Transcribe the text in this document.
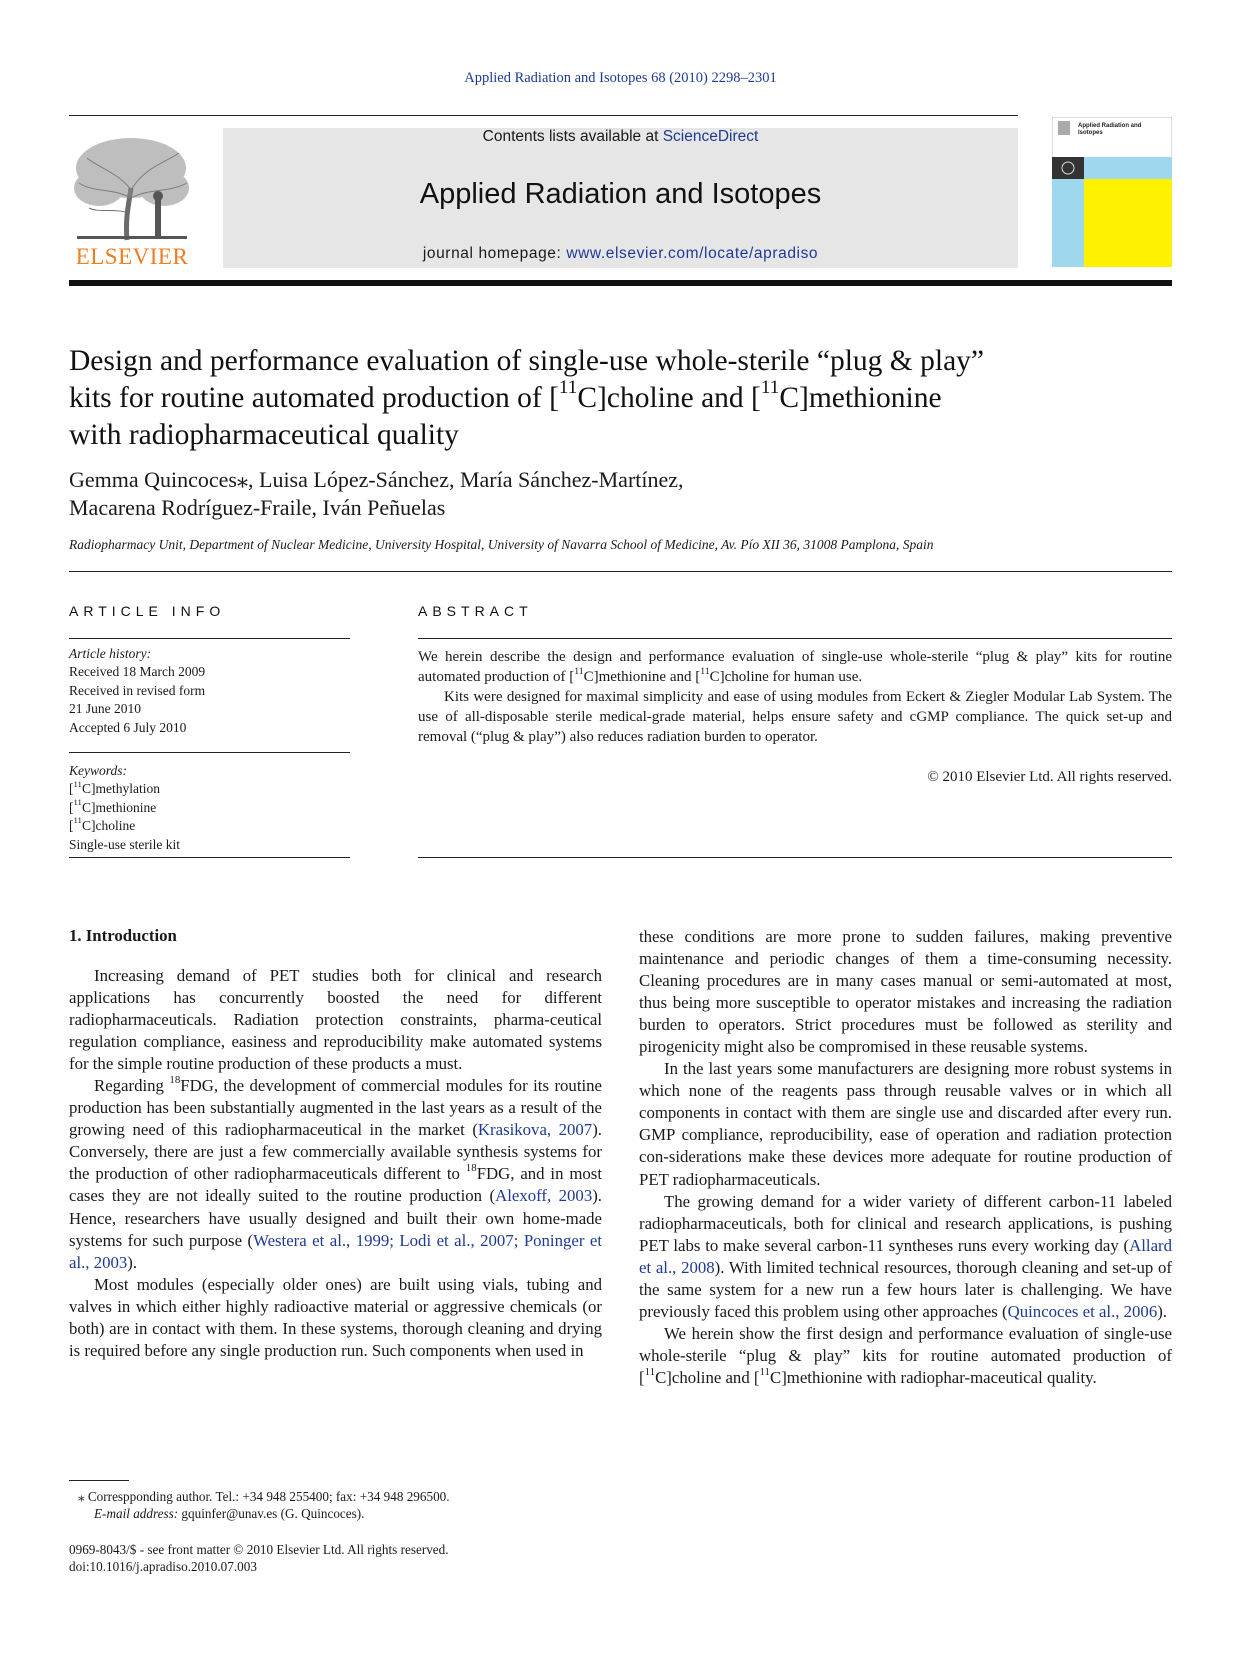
Applied Radiation and Isotopes 68 (2010) 2298–2301
ELSEVIER
Contents lists available at ScienceDirect
Applied Radiation and Isotopes
journal homepage: www.elsevier.com/locate/apradiso
Applied Radiation and
Isotopes
Design and performance evaluation of single-use whole-sterile “plug & play”
kits for routine automated production of [$^{11}$C]choline and [$^{11}$C]methionine
with radiopharmaceutical quality
Gemma Quincoces⁎, Luisa López-Sánchez, María Sánchez-Martínez,
Macarena Rodríguez-Fraile, Iván Peñuelas
Radiopharmacy Unit, Department of Nuclear Medicine, University Hospital, University of Navarra School of Medicine, Av. Pío XII 36, 31008 Pamplona, Spain
ARTICLE INFO
Article history:
Received 18 March 2009
Received in revised form
21 June 2010
Accepted 6 July 2010
Keywords:
[$^{11}$C]methylation
[$^{11}$C]methionine
[$^{11}$C]choline
Single-use sterile kit
ABSTRACT

We herein describe the design and performance evaluation of single-use whole-sterile “plug & play” kits for routine automated production of [$^{11}$C]methionine and [$^{11}$C]choline for human use.

Kits were designed for maximal simplicity and ease of using modules from Eckert & Ziegler Modular Lab System. The use of all-disposable sterile medical-grade material, helps ensure safety and cGMP compliance. The quick set-up and removal (“plug & play”) also reduces radiation burden to operator.

© 2010 Elsevier Ltd. All rights reserved.
1. Introduction

Increasing demand of PET studies both for clinical and research applications has concurrently boosted the need for different radiopharmaceuticals. Radiation protection constraints, pharma-ceutical regulation compliance, easiness and reproducibility make automated systems for the simple routine production of these products a must.

Regarding $^{18}$FDG, the development of commercial modules for its routine production has been substantially augmented in the last years as a result of the growing need of this radiopharmaceutical in the market (Krasikova, 2007). Conversely, there are just a few commercially available synthesis systems for the production of other radiopharmaceuticals different to $^{18}$FDG, and in most cases they are not ideally suited to the routine production (Alexoff, 2003). Hence, researchers have usually designed and built their own home-made systems for such purpose (Westera et al., 1999; Lodi et al., 2007; Poninger et al., 2003).

Most modules (especially older ones) are built using vials, tubing and valves in which either highly radioactive material or aggressive chemicals (or both) are in contact with them. In these systems, thorough cleaning and drying is required before any single production run. Such components when used in

these conditions are more prone to sudden failures, making preventive maintenance and periodic changes of them a time-consuming necessity. Cleaning procedures are in many cases manual or semi-automated at most, thus being more susceptible to operator mistakes and increasing the radiation burden to operators. Strict procedures must be followed as sterility and pirogenicity might also be compromised in these reusable systems.

In the last years some manufacturers are designing more robust systems in which none of the reagents pass through reusable valves or in which all components in contact with them are single use and discarded after every run. GMP compliance, reproducibility, ease of operation and radiation protection con-siderations make these devices more adequate for routine production of PET radiopharmaceuticals.

The growing demand for a wider variety of different carbon-11 labeled radiopharmaceuticals, both for clinical and research applications, is pushing PET labs to make several carbon-11 syntheses runs every working day (Allard et al., 2008). With limited technical resources, thorough cleaning and set-up of the same system for a new run a few hours later is challenging. We have previously faced this problem using other approaches (Quincoces et al., 2006).

We herein show the first design and performance evaluation of single-use whole-sterile “plug & play” kits for routine automated production of [$^{11}$C]choline and [$^{11}$C]methionine with radiophar-maceutical quality.

⁎ Correspponding author. Tel.: +34 948 255400; fax: +34 948 296500.
E-mail address: gquinfer@unav.es (G. Quincoces).
0969-8043/$ - see front matter © 2010 Elsevier Ltd. All rights reserved.
doi:10.1016/j.apradiso.2010.07.003
